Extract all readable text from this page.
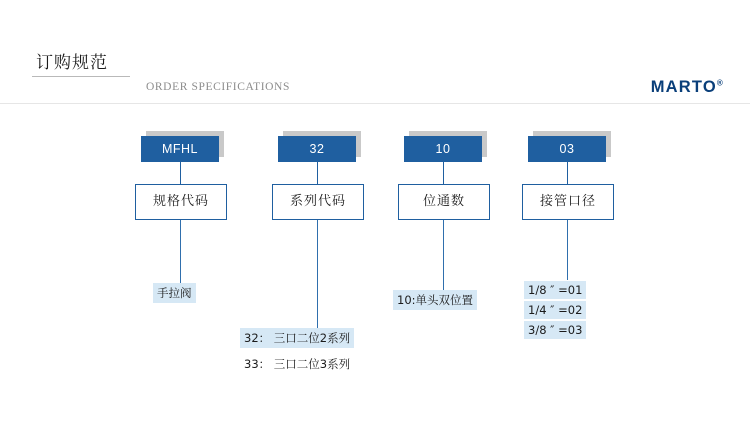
订购规范
ORDER SPECIFICATIONS	MARTO®
MFHL
规格代码
手拉阀
32
系列代码
32： 三口二位2系列
33： 三口二位3系列
10
位通数
10:单头双位置
03
接管口径
1/8 ″ =01
1/4 ″ =02
3/8 ″ =03
